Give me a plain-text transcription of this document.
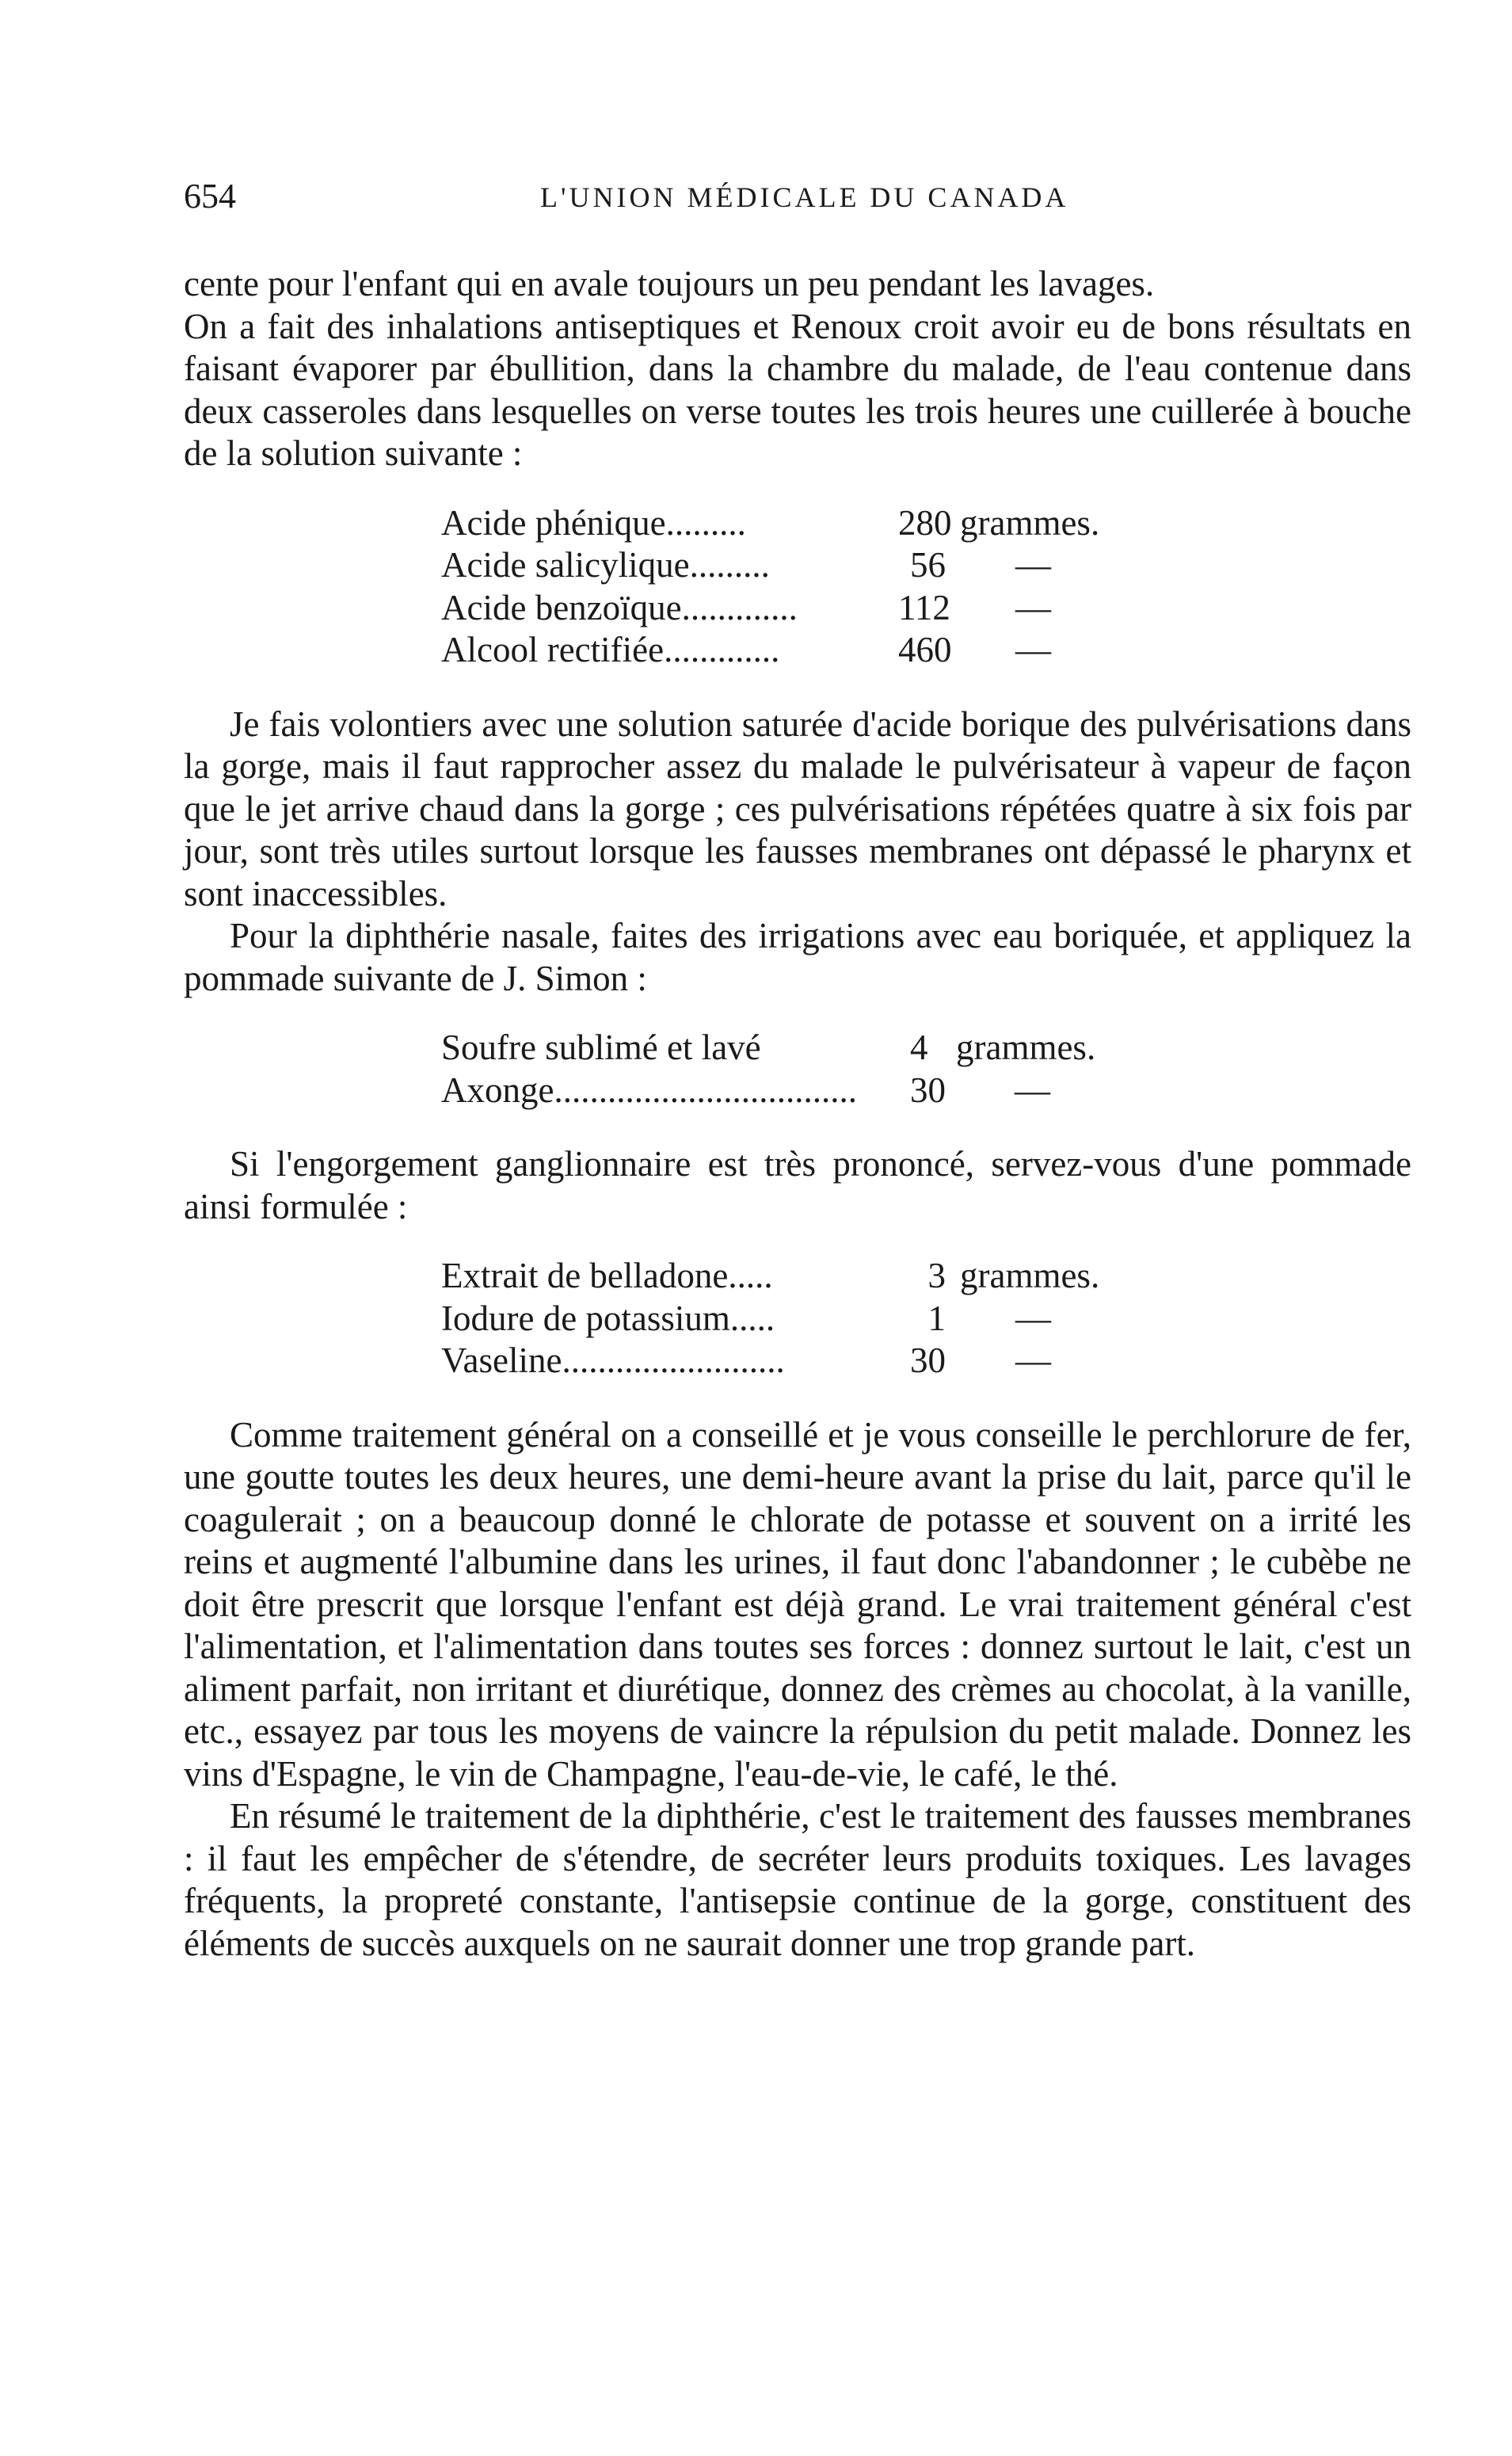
654	L'UNION MÉDICALE DU CANADA

cente pour l'enfant qui en avale toujours un peu pendant les lavages.

On a fait des inhalations antiseptiques et Renoux croit avoir eu de bons résultats en faisant évaporer par ébullition, dans la chambre du malade, de l'eau contenue dans deux casseroles dans lesquelles on verse toutes les trois heures une cuillerée à bouche de la solution suivante :

Acide phénique.........	280 grammes.
Acide salicylique.........	56	—
Acide benzoïque.............	112	—
Alcool rectifiée.............	460	—

Je fais volontiers avec une solution saturée d'acide borique des pulvérisations dans la gorge, mais il faut rapprocher assez du malade le pulvérisateur à vapeur de façon que le jet arrive chaud dans la gorge ; ces pulvérisations répétées quatre à six fois par jour, sont très utiles surtout lorsque les fausses membranes ont dépassé le pharynx et sont inaccessibles.

Pour la diphthérie nasale, faites des irrigations avec eau boriquée, et appliquez la pommade suivante de J. Simon :

Soufre sublimé et lavé	4 grammes.
Axonge..................................	30	—

Si l'engorgement ganglionnaire est très prononcé, servez-vous d'une pommade ainsi formulée :

Extrait de belladone.....	3 grammes.
Iodure de potassium.....	1	—
Vaseline.........................	30	—

Comme traitement général on a conseillé et je vous conseille le perchlorure de fer, une goutte toutes les deux heures, une demi-heure avant la prise du lait, parce qu'il le coagulerait ; on a beaucoup donné le chlorate de potasse et souvent on a irrité les reins et augmenté l'albumine dans les urines, il faut donc l'abandonner ; le cubèbe ne doit être prescrit que lorsque l'enfant est déjà grand. Le vrai traitement général c'est l'alimentation, et l'alimentation dans toutes ses forces : donnez surtout le lait, c'est un aliment parfait, non irritant et diurétique, donnez des crèmes au chocolat, à la vanille, etc., essayez par tous les moyens de vaincre la répulsion du petit malade. Donnez les vins d'Espagne, le vin de Champagne, l'eau-de-vie, le café, le thé.

En résumé le traitement de la diphthérie, c'est le traitement des fausses membranes : il faut les empêcher de s'étendre, de secréter leurs produits toxiques. Les lavages fréquents, la propreté constante, l'antisepsie continue de la gorge, constituent des éléments de succès auxquels on ne saurait donner une trop grande part.
